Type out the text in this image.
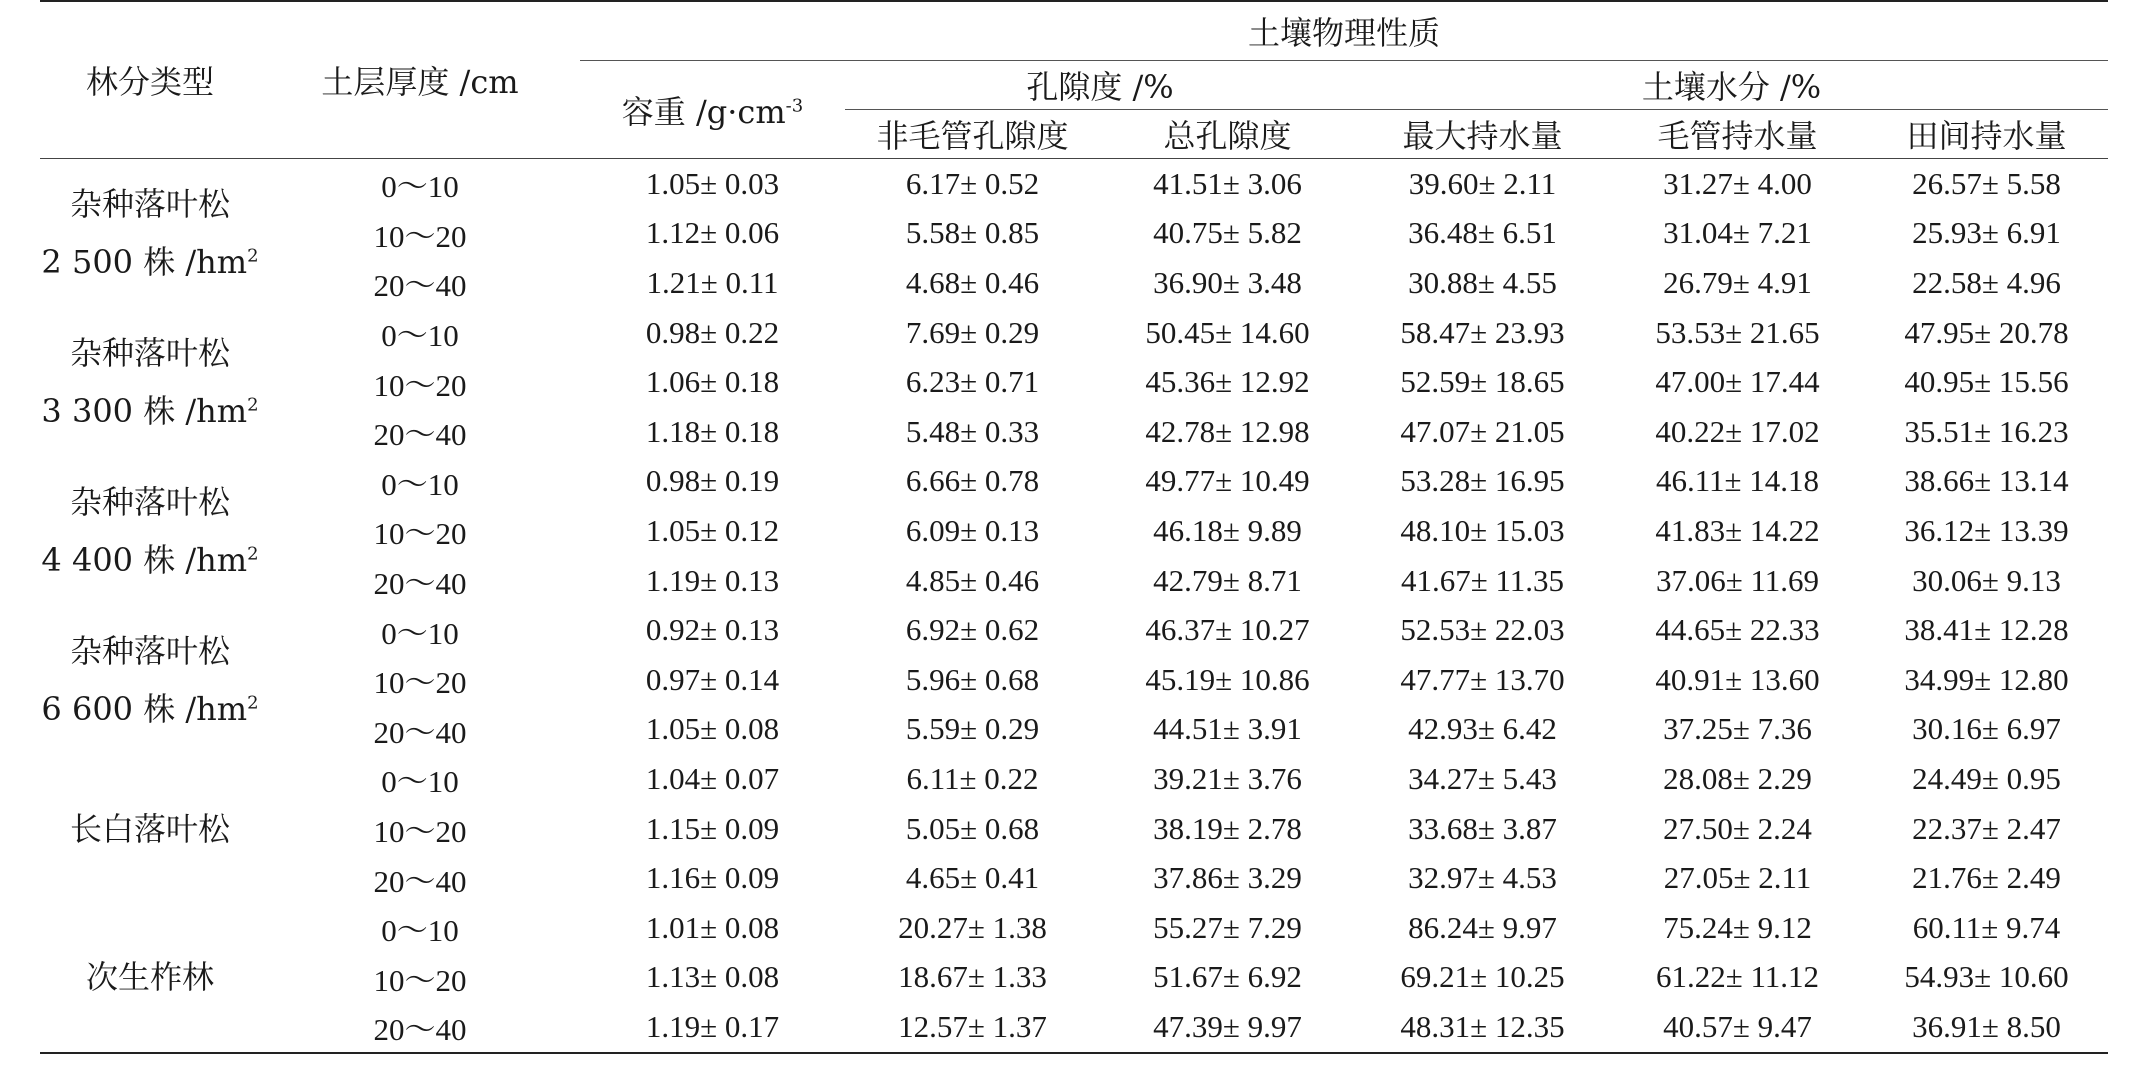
林分类型	土层厚度 /cm	土壤物理性质					
		容重 $/g\cdot cm^{-3}$	孔隙度 /%		土壤水分 /%		
			非毛管孔隙度	总孔隙度	最大持水量	毛管持水量	田间持水量

杂种落叶松
2 500 株 $/hm^2$	0～10	1.05± 0.03	6.17± 0.52	41.51± 3.06	39.60± 2.11	31.27± 4.00	26.57± 5.58
	10～20	1.12± 0.06	5.58± 0.85	40.75± 5.82	36.48± 6.51	31.04± 7.21	25.93± 6.91
	20～40	1.21± 0.11	4.68± 0.46	36.90± 3.48	30.88± 4.55	26.79± 4.91	22.58± 4.96

杂种落叶松
3 300 株 $/hm^2$	0～10	0.98± 0.22	7.69± 0.29	50.45± 14.60	58.47± 23.93	53.53± 21.65	47.95± 20.78
	10～20	1.06± 0.18	6.23± 0.71	45.36± 12.92	52.59± 18.65	47.00± 17.44	40.95± 15.56
	20～40	1.18± 0.18	5.48± 0.33	42.78± 12.98	47.07± 21.05	40.22± 17.02	35.51± 16.23

杂种落叶松
4 400 株 $/hm^2$	0～10	0.98± 0.19	6.66± 0.78	49.77± 10.49	53.28± 16.95	46.11± 14.18	38.66± 13.14
	10～20	1.05± 0.12	6.09± 0.13	46.18± 9.89	48.10± 15.03	41.83± 14.22	36.12± 13.39
	20～40	1.19± 0.13	4.85± 0.46	42.79± 8.71	41.67± 11.35	37.06± 11.69	30.06± 9.13

杂种落叶松
6 600 株 $/hm^2$	0～10	0.92± 0.13	6.92± 0.62	46.37± 10.27	52.53± 22.03	44.65± 22.33	38.41± 12.28
	10～20	0.97± 0.14	5.96± 0.68	45.19± 10.86	47.77± 13.70	40.91± 13.60	34.99± 12.80
	20～40	1.05± 0.08	5.59± 0.29	44.51± 3.91	42.93± 6.42	37.25± 7.36	30.16± 6.97

长白落叶松	0～10	1.04± 0.07	6.11± 0.22	39.21± 3.76	34.27± 5.43	28.08± 2.29	24.49± 0.95
	10～20	1.15± 0.09	5.05± 0.68	38.19± 2.78	33.68± 3.87	27.50± 2.24	22.37± 2.47
	20～40	1.16± 0.09	4.65± 0.41	37.86± 3.29	32.97± 4.53	27.05± 2.11	21.76± 2.49

次生柞林	0～10	1.01± 0.08	20.27± 1.38	55.27± 7.29	86.24± 9.97	75.24± 9.12	60.11± 9.74
	10～20	1.13± 0.08	18.67± 1.33	51.67± 6.92	69.21± 10.25	61.22± 11.12	54.93± 10.60
	20～40	1.19± 0.17	12.57± 1.37	47.39± 9.97	48.31± 12.35	40.57± 9.47	36.91± 8.50
